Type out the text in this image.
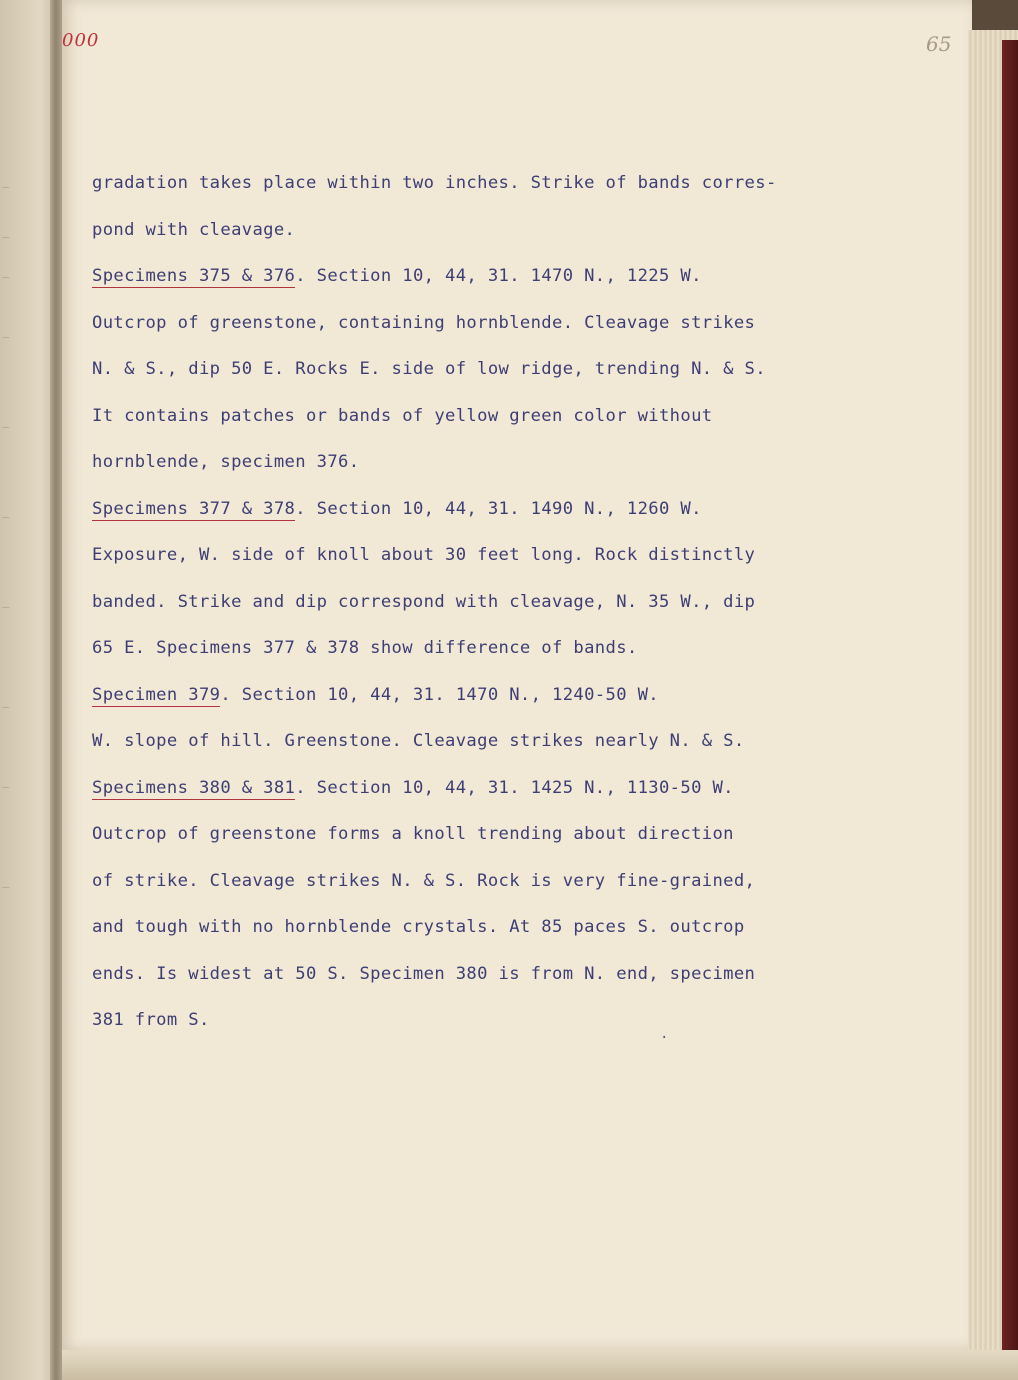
—
—
—
—
—
—
—
—
—
—
000	65
gradation takes place within two inches. Strike of bands corres-
pond with cleavage.
Specimens 375 & 376. Section 10, 44, 31. 1470 N., 1225 W.
Outcrop of greenstone, containing hornblende. Cleavage strikes
N. & S., dip 50 E. Rocks E. side of low ridge, trending N. & S.
It contains patches or bands of yellow green color without
hornblende, specimen 376.
Specimens 377 & 378. Section 10, 44, 31. 1490 N., 1260 W.
Exposure, W. side of knoll about 30 feet long. Rock distinctly
banded. Strike and dip correspond with cleavage, N. 35 W., dip
65 E. Specimens 377 & 378 show difference of bands.
Specimen 379. Section 10, 44, 31. 1470 N., 1240-50 W.
W. slope of hill. Greenstone. Cleavage strikes nearly N. & S.
Specimens 380 & 381. Section 10, 44, 31. 1425 N., 1130-50 W.
Outcrop of greenstone forms a knoll trending about direction
of strike. Cleavage strikes N. & S. Rock is very fine-grained,
and tough with no hornblende crystals. At 85 paces S. outcrop
ends. Is widest at 50 S. Specimen 380 is from N. end, specimen
381 from S.
·
